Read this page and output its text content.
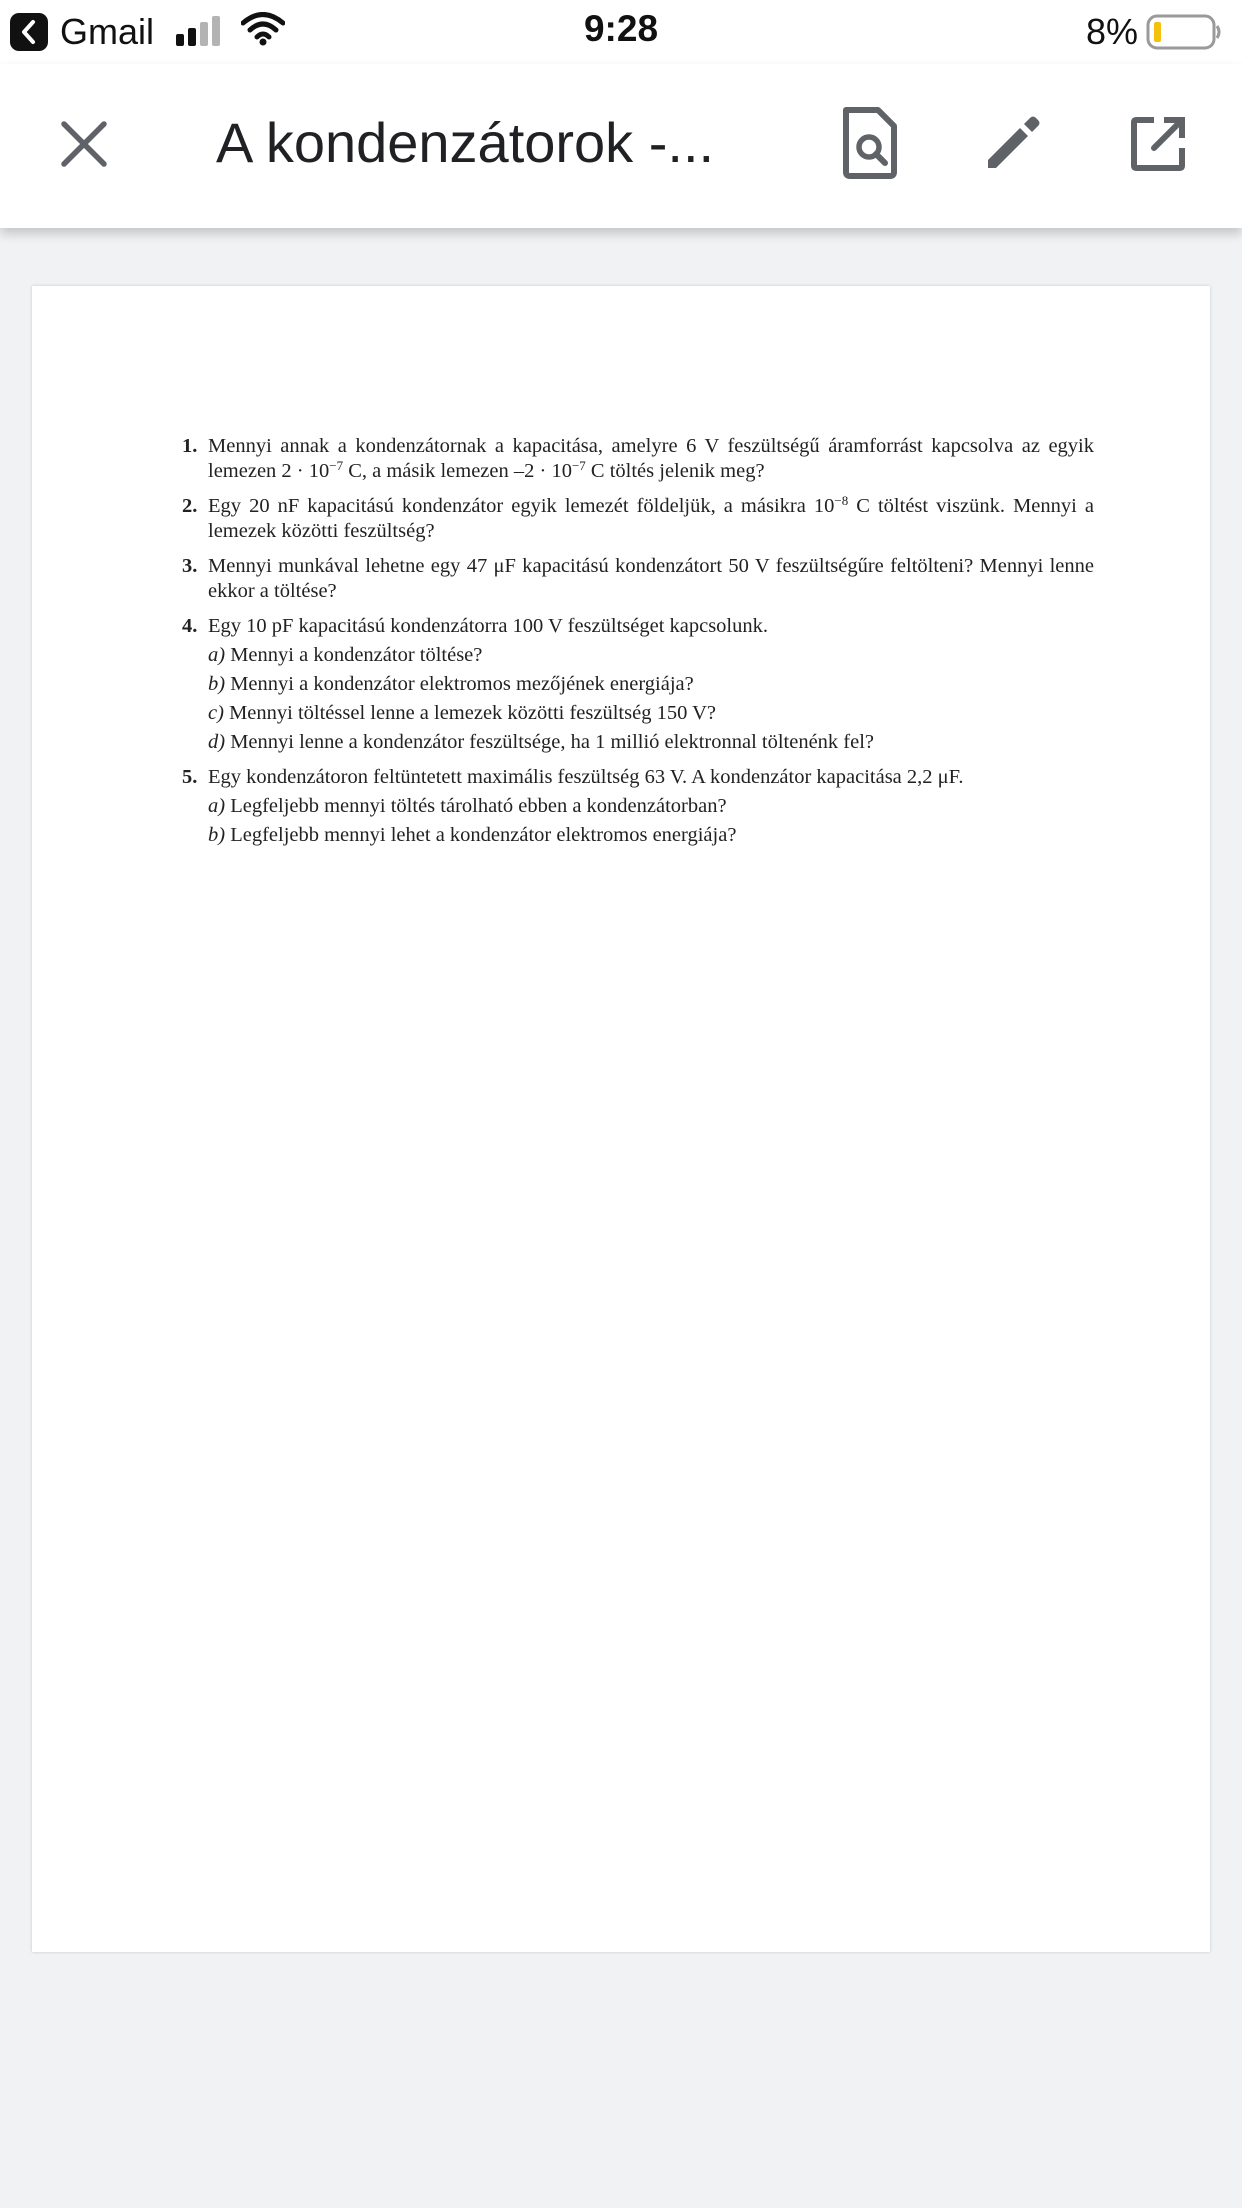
Gmail	9:28	8%
A kondenzátorok -...
1. Mennyi annak a kondenzátornak a kapacitása, amelyre 6 V feszültségű áramforrást kapcsolva az egyik lemezen $2 \cdot 10^{-7}$ C, a másik lemezen $-2 \cdot 10^{-7}$ C töltés jelenik meg?
2. Egy 20 nF kapacitású kondenzátor egyik lemezét földeljük, a másikra $10^{-8}$ C töltést viszünk. Mennyi a lemezek közötti feszültség?
3. Mennyi munkával lehetne egy 47 μF kapacitású kondenzátort 50 V feszültségűre feltölteni? Mennyi lenne ekkor a töltése?
4. Egy 10 pF kapacitású kondenzátorra 100 V feszültséget kapcsolunk.
a) Mennyi a kondenzátor töltése?
b) Mennyi a kondenzátor elektromos mezőjének energiája?
c) Mennyi töltéssel lenne a lemezek közötti feszültség 150 V?
d) Mennyi lenne a kondenzátor feszültsége, ha 1 millió elektronnal töltenénk fel?
5. Egy kondenzátoron feltüntetett maximális feszültség 63 V. A kondenzátor kapacitása 2,2 μF.
a) Legfeljebb mennyi töltés tárolható ebben a kondenzátorban?
b) Legfeljebb mennyi lehet a kondenzátor elektromos energiája?
